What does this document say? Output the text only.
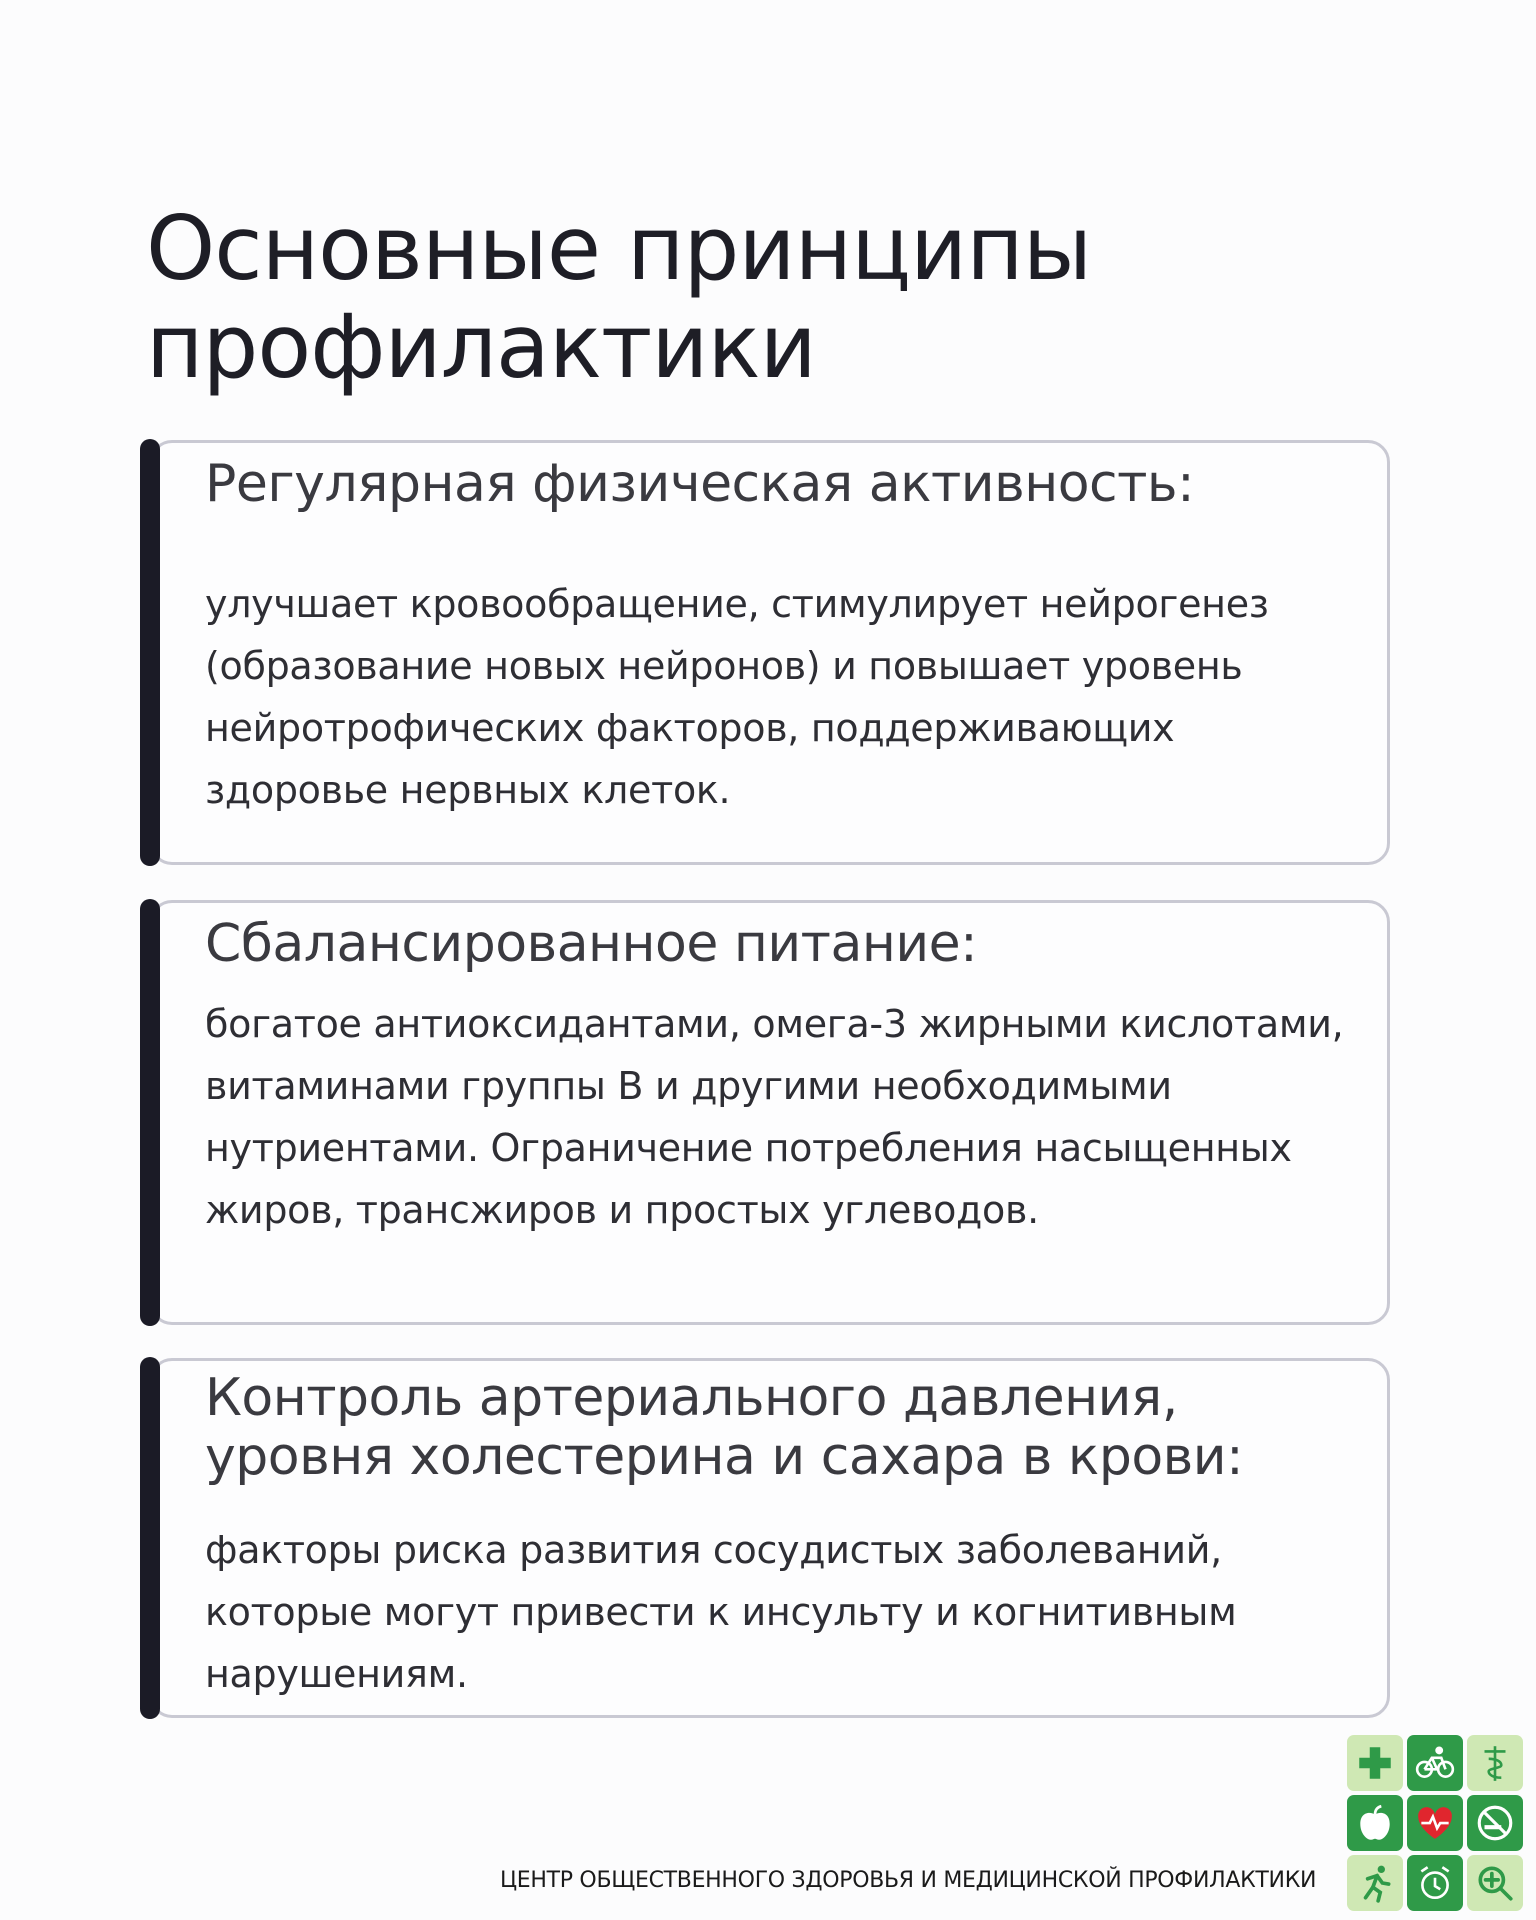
Основные принципы
профилактики
Регулярная физическая активность:

улучшает кровообращение, стимулирует нейрогенез (образование новых нейронов) и повышает уровень нейротрофических факторов, поддерживающих здоровье нервных клеток.

Сбалансированное питание:

богатое антиоксидантами, омега-3 жирными кислотами, витаминами группы В и другими необходимыми нутриентами. Ограничение потребления насыщенных жиров, трансжиров и простых углеводов.

Контроль артериального давления,
уровня холестерина и сахара в крови:

факторы риска развития сосудистых заболеваний, которые могут привести к инсульту и когнитивным нарушениям.

ЦЕНТР ОБЩЕСТВЕННОГО ЗДОРОВЬЯ И МЕДИЦИНСКОЙ ПРОФИЛАКТИКИ
